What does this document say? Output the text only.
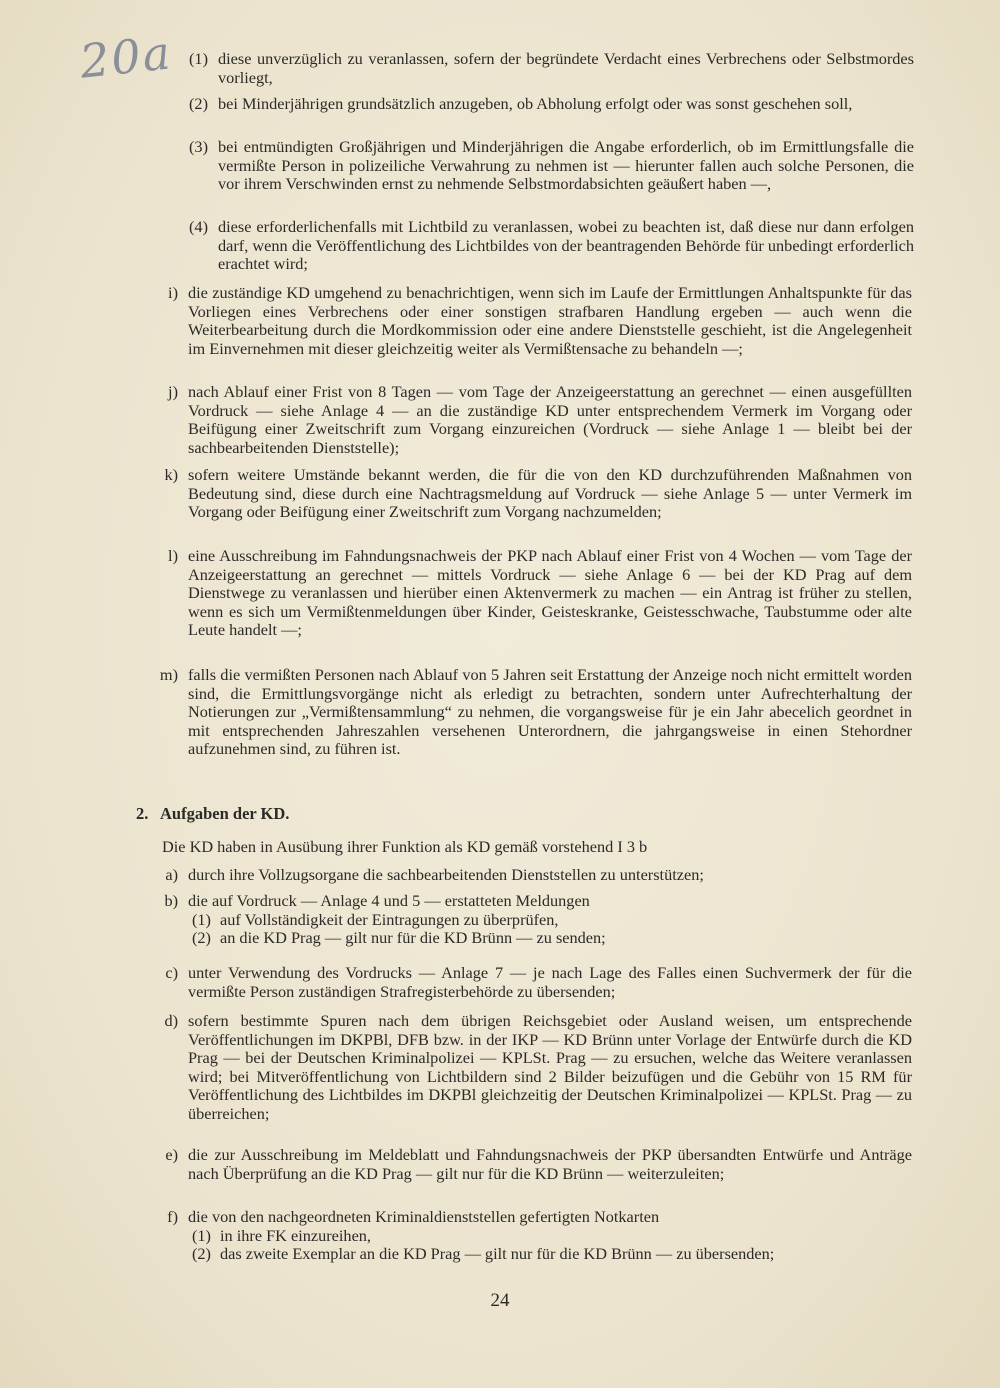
20a (1) diese unverzüglich zu veranlassen, sofern der begründete Verdacht eines Verbrechens oder Selbstmordes vorliegt,
(2) bei Minderjährigen grundsätzlich anzugeben, ob Abholung erfolgt oder was sonst geschehen soll,
(3) bei entmündigten Großjährigen und Minderjährigen die Angabe erforderlich, ob im Ermittlungsfalle die vermißte Person in polizeiliche Verwahrung zu nehmen ist — hierunter fallen auch solche Personen, die vor ihrem Verschwinden ernst zu nehmende Selbstmordabsichten geäußert haben —,
(4) diese erforderlichenfalls mit Lichtbild zu veranlassen, wobei zu beachten ist, daß diese nur dann erfolgen darf, wenn die Veröffentlichung des Lichtbildes von der beantragenden Behörde für unbedingt erforderlich erachtet wird;
i) die zuständige KD umgehend zu benachrichtigen, wenn sich im Laufe der Ermittlungen Anhaltspunkte für das Vorliegen eines Verbrechens oder einer sonstigen strafbaren Handlung ergeben — auch wenn die Weiterbearbeitung durch die Mordkommission oder eine andere Dienststelle geschieht, ist die Angelegenheit im Einvernehmen mit dieser gleichzeitig weiter als Vermißtensache zu behandeln —;
j) nach Ablauf einer Frist von 8 Tagen — vom Tage der Anzeigeerstattung an gerechnet — einen ausgefüllten Vordruck — siehe Anlage 4 — an die zuständige KD unter entsprechendem Vermerk im Vorgang oder Beifügung einer Zweitschrift zum Vorgang einzureichen (Vordruck — siehe Anlage 1 — bleibt bei der sachbearbeitenden Dienststelle);
k) sofern weitere Umstände bekannt werden, die für die von den KD durchzuführenden Maßnahmen von Bedeutung sind, diese durch eine Nachtragsmeldung auf Vordruck — siehe Anlage 5 — unter Vermerk im Vorgang oder Beifügung einer Zweitschrift zum Vorgang nachzumelden;
l) eine Ausschreibung im Fahndungsnachweis der PKP nach Ablauf einer Frist von 4 Wochen — vom Tage der Anzeigeerstattung an gerechnet — mittels Vordruck — siehe Anlage 6 — bei der KD Prag auf dem Dienstwege zu veranlassen und hierüber einen Aktenvermerk zu machen — ein Antrag ist früher zu stellen, wenn es sich um Vermißtenmeldungen über Kinder, Geisteskranke, Geistesschwache, Taubstumme oder alte Leute handelt —;
m) falls die vermißten Personen nach Ablauf von 5 Jahren seit Erstattung der Anzeige noch nicht ermittelt worden sind, die Ermittlungsvorgänge nicht als erledigt zu betrachten, sondern unter Aufrechterhaltung der Notierungen zur „Vermißtensammlung“ zu nehmen, die vorgangsweise für je ein Jahr abecelich geordnet in mit entsprechenden Jahreszahlen versehenen Unterordnern, die jahrgangsweise in einen Stehordner aufzunehmen sind, zu führen ist.
2. Aufgaben der KD.
Die KD haben in Ausübung ihrer Funktion als KD gemäß vorstehend I 3 b
a) durch ihre Vollzugsorgane die sachbearbeitenden Dienststellen zu unterstützen;
b) die auf Vordruck — Anlage 4 und 5 — erstatteten Meldungen
(1) auf Vollständigkeit der Eintragungen zu überprüfen,
(2) an die KD Prag — gilt nur für die KD Brünn — zu senden;
c) unter Verwendung des Vordrucks — Anlage 7 — je nach Lage des Falles einen Suchvermerk der für die vermißte Person zuständigen Strafregisterbehörde zu übersenden;
d) sofern bestimmte Spuren nach dem übrigen Reichsgebiet oder Ausland weisen, um entsprechende Veröffentlichungen im DKPBl, DFB bzw. in der IKP — KD Brünn unter Vorlage der Entwürfe durch die KD Prag — bei der Deutschen Kriminalpolizei — KPLSt. Prag — zu ersuchen, welche das Weitere veranlassen wird; bei Mitveröffentlichung von Lichtbildern sind 2 Bilder beizufügen und die Gebühr von 15 RM für Veröffentlichung des Lichtbildes im DKPBl gleichzeitig der Deutschen Kriminalpolizei — KPLSt. Prag — zu überreichen;
e) die zur Ausschreibung im Meldeblatt und Fahndungsnachweis der PKP übersandten Entwürfe und Anträge nach Überprüfung an die KD Prag — gilt nur für die KD Brünn — weiterzuleiten;
f) die von den nachgeordneten Kriminaldienststellen gefertigten Notkarten
(1) in ihre FK einzureihen,
(2) das zweite Exemplar an die KD Prag — gilt nur für die KD Brünn — zu übersenden;
24
